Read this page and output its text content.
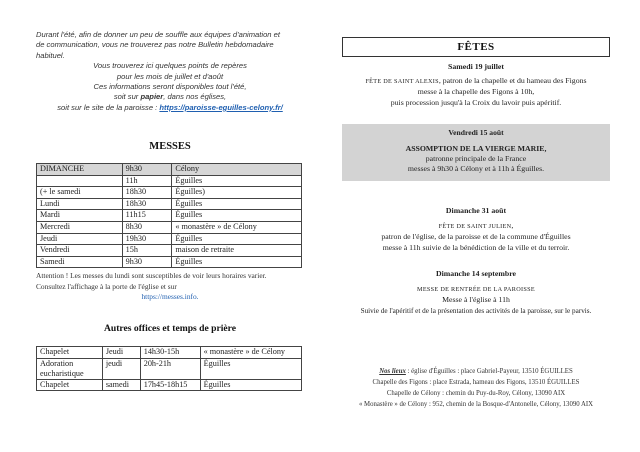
Durant l'été, afin de donner un peu de souffle aux équipes d'animation et
de communication, vous ne trouverez pas notre Bulletin hebdomadaire
habituel.
Vous trouverez ici quelques points de repères
pour les mois de juillet et d'août
Ces informations seront disponibles tout l'été,
soit sur papier, dans nos églises,
soit sur le site de la paroisse : https://paroisse-eguilles-celony.fr/
MESSES
DIMANCHE	9h30	Célony
	11h	Éguilles
(+ le samedi	18h30	Éguilles)
Lundi	18h30	Éguilles
Mardi	11h15	Éguilles
Mercredi	8h30	« monastère » de Célony
Jeudi	19h30	Éguilles
Vendredi	15h	maison de retraite
Samedi	9h30	Éguilles
Attention ! Les messes du lundi sont susceptibles de voir leurs horaires varier.
Consultez l'affichage à la porte de l'église et sur
https://messes.info.
Autres offices et temps de prière
Chapelet	Jeudi	14h30-15h	« monastère » de Célony
Adoration eucharistique	jeudi	20h-21h	Éguilles
Chapelet	samedi	17h45-18h15	Éguilles
FÊTES
Samedi 19 juillet
FÊTE DE SAINT ALEXIS, patron de la chapelle et du hameau des Figons
messe à la chapelle des Figons à 10h,
puis procession jusqu'à la Croix du lavoir puis apéritif.
Vendredi 15 août
ASSOMPTION DE LA VIERGE MARIE,
patronne principale de la France
messes à 9h30 à Célony et à 11h à Éguilles.
Dimanche 31 août
FÊTE DE SAINT JULIEN,
patron de l'église, de la paroisse et de la commune d'Éguilles
messe à 11h suivie de la bénédiction de la ville et du terroir.
Dimanche 14 septembre
MESSE DE RENTRÉE DE LA PAROISSE
Messe à l'église à 11h
Suivie de l'apéritif et de la présentation des activités de la paroisse, sur le parvis.
Nos lieux : église d'Éguilles : place Gabriel-Payeur, 13510 ÉGUILLES
Chapelle des Figons : place Estrada, hameau des Figons, 13510 ÉGUILLES
Chapelle de Célony : chemin du Puy-du-Roy, Célony, 13090 AIX
« Monastère » de Célony : 952, chemin de la Bosque-d'Antonelle, Célony, 13090 AIX
